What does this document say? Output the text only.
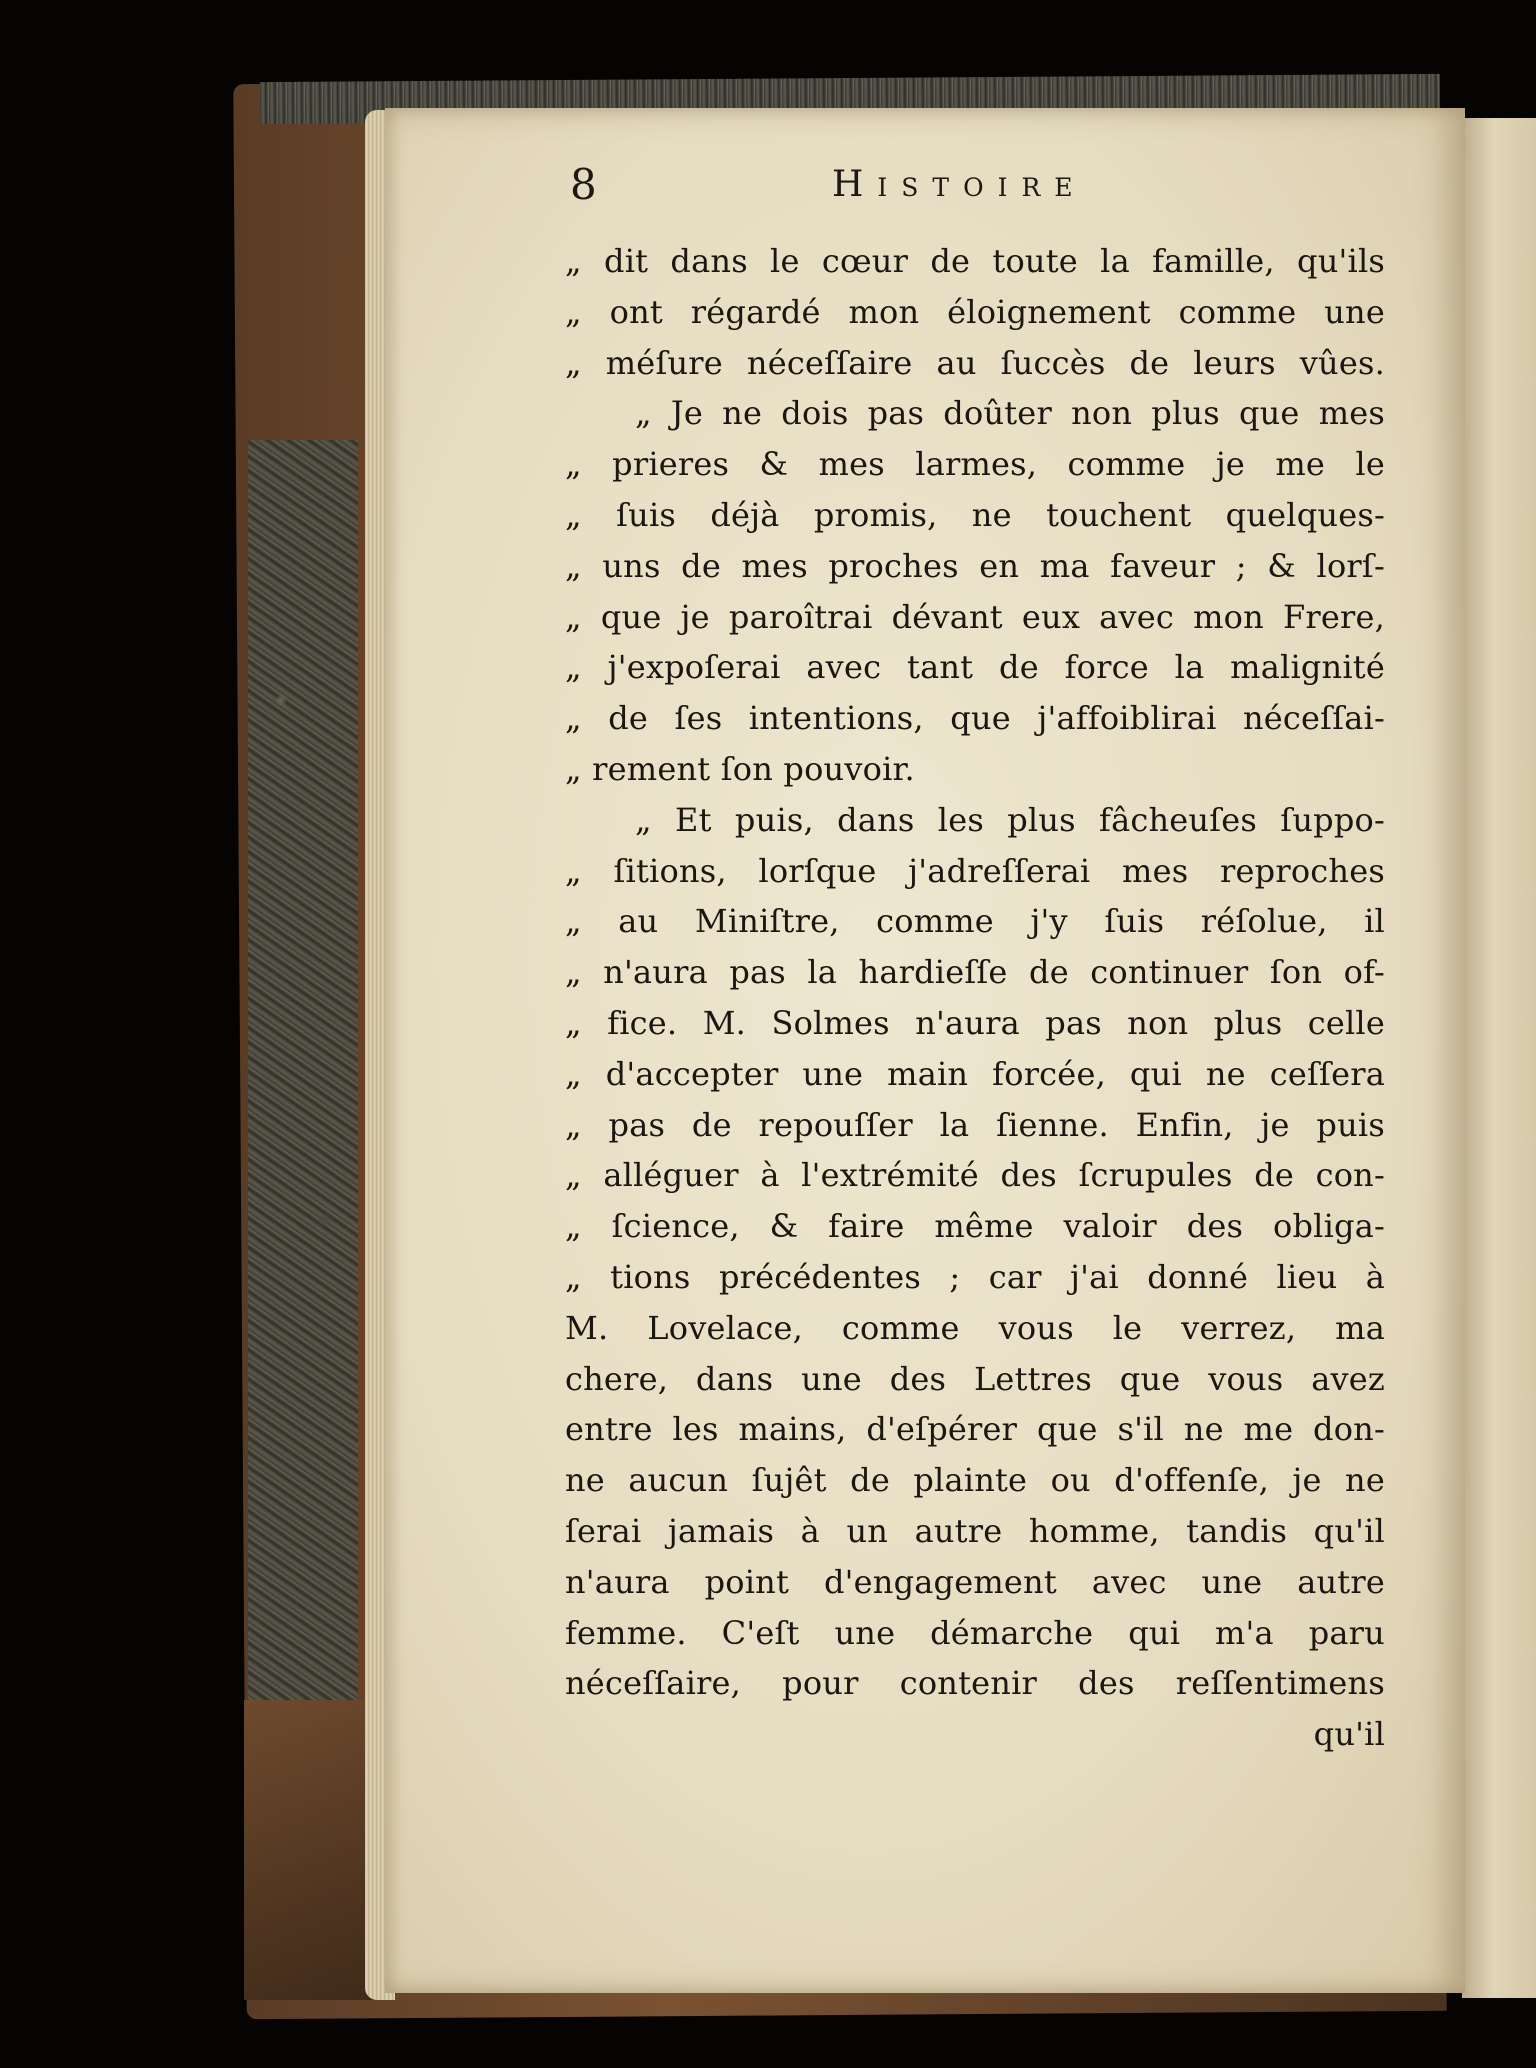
8	Histoire
„ dit dans le cœur de toute la famille, qu'ils
„ ont régardé mon éloignement comme une
„ méſure néceſſaire au ſuccès de leurs vûes.
„ Je ne dois pas doûter non plus que mes
„ prieres & mes larmes, comme je me le
„ ſuis déjà promis, ne touchent quelques-
„ uns de mes proches en ma faveur ; & lorſ-
„ que je paroîtrai dévant eux avec mon Frere,
„ j'expoſerai avec tant de force la malignité
„ de ſes intentions, que j'affoiblirai néceſſai-
„ rement ſon pouvoir.
„ Et puis, dans les plus fâcheuſes ſuppo-
„ ſitions, lorſque j'adreſſerai mes reproches
„ au Miniſtre, comme j'y ſuis réſolue, il
„ n'aura pas la hardieſſe de continuer ſon of-
„ fice. M. Solmes n'aura pas non plus celle
„ d'accepter une main forcée, qui ne ceſſera
„ pas de repouſſer la ſienne. Enfin, je puis
„ alléguer à l'extrémité des ſcrupules de con-
„ ſcience, & faire même valoir des obliga-
„ tions précédentes ; car j'ai donné lieu à
M. Lovelace, comme vous le verrez, ma
chere, dans une des Lettres que vous avez
entre les mains, d'eſpérer que s'il ne me don-
ne aucun ſujêt de plainte ou d'offenſe, je ne
ſerai jamais à un autre homme, tandis qu'il
n'aura point d'engagement avec une autre
femme. C'eſt une démarche qui m'a paru
néceſſaire, pour contenir des reſſentimens
qu'il
